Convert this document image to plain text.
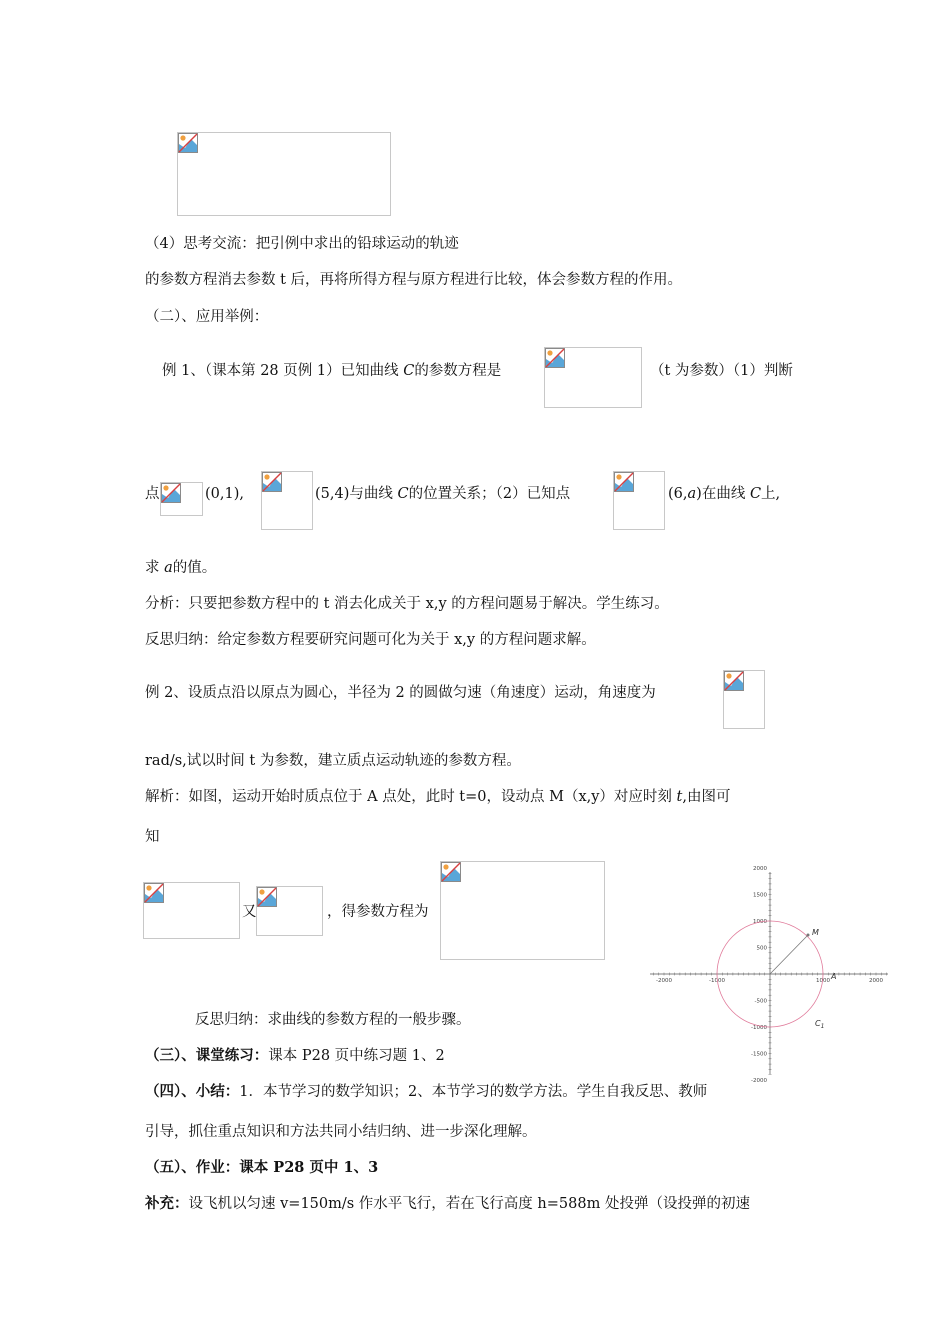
（4）思考交流：把引例中求出的铅球运动的轨迹
的参数方程消去参数 t 后，再将所得方程与原方程进行比较，体会参数方程的作用。
（二）、应用举例：
例 1、（课本第 28 页例 1）已知曲线 C的参数方程是	（t 为参数）（1）判断
点	(0,1),	(5,4)与曲线 C的位置关系；（2）已知点	(6,a)在曲线 C上,
求 a的值。
分析：只要把参数方程中的 t 消去化成关于 x,y 的方程问题易于解决。学生练习。
反思归纳：给定参数方程要研究问题可化为关于 x,y 的方程问题求解。
例 2、设质点沿以原点为圆心，半径为 2 的圆做匀速（角速度）运动，角速度为
rad/s,试以时间 t 为参数，建立质点运动轨迹的参数方程。
解析：如图，运动开始时质点位于 A 点处，此时 t=0，设动点 M（x,y）对应时刻 t,由图可
知
又	，得参数方程为
-2000	-1000	1000	2000
2000
1500
1000
500
-500
-1000
-1500
-2000
M
A
$C_1$
反思归纳：求曲线的参数方程的一般步骤。
（三）、课堂练习：课本 P28 页中练习题 1、2
（四）、小结：1．本节学习的数学知识；2、本节学习的数学方法。学生自我反思、教师
引导，抓住重点知识和方法共同小结归纳、进一步深化理解。
（五）、作业：课本 P28 页中 1、3
补充：设飞机以匀速 v=150m/s 作水平飞行，若在飞行高度 h=588m 处投弹（设投弹的初速
